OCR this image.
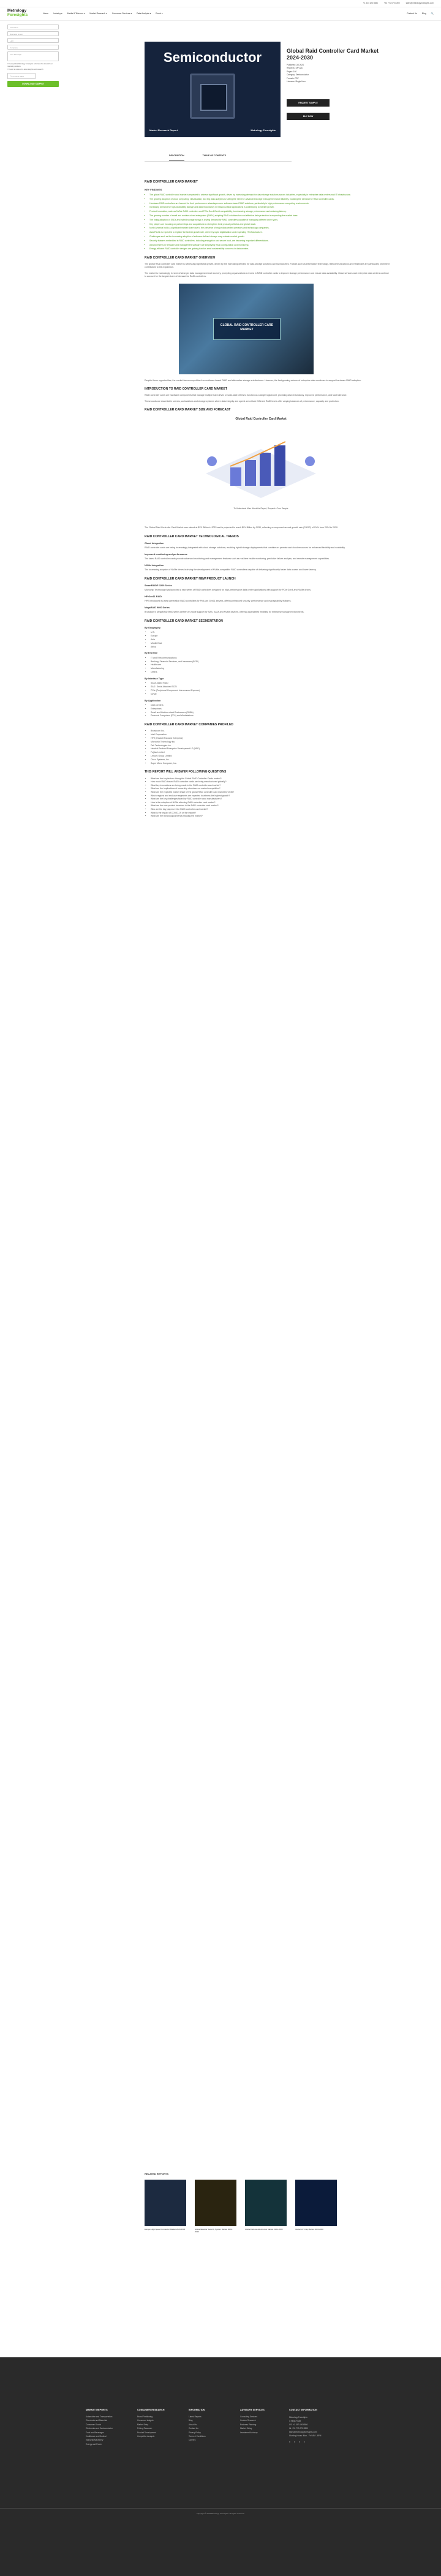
+1 347 426 6586	+91 770 070 8390	sales@metrologyforesights.com
Metrology
Foresights	Home Industry ▾ Media & Telecom ▾ Market Research ▾ Consumer Services ▾ Data Analysis ▾ Event ▾	Contact Us Blog 🔍
Full Name
Business Email
+1 ▾
Company
Your Message
☐ I accept that Metrology Foresights will share this data with our marketing partners.
☐ I want to receive the latest insights and research
☐ I'm not a robot
DOWNLOAD SAMPLE
Semiconductor
Market Research Report	Metrology Foresights
Global Raid Controller Card Market 2024-2030
Published: Jul 2024
Report ID: MF1221
Pages: 160
Category: Semiconductor
Formats: PDF
Licenses: Single User
REQUEST SAMPLE
BUY NOW
DESCRIPTION	TABLE OF CONTENTS
RAID CONTROLLER CARD MARKET
KEY FINDINGS
• The global RAID controller card market is expected to witness significant growth, driven by increasing demand for data storage solutions across industries, especially in enterprise data centers and IT infrastructure.
• The growing adoption of cloud computing, virtualization, and big data analytics is fueling the need for advanced storage management and reliability, boosting the demand for RAID controller cards.
• Hardware RAID controllers are favored for their performance advantages over software-based RAID solutions, particularly in high-performance computing environments.
• Increasing demand for high-availability storage and data redundancy in mission-critical applications is contributing to market growth.
• Product innovation, such as NVMe RAID controllers and PCIe Gen4/Gen5 compatibility, is enhancing storage performance and reducing latency.
• The growing number of small and medium-sized enterprises (SMEs) adopting RAID solutions for cost-effective data protection is expanding the market base.
• The rising adoption of SSDs and hybrid storage arrays is driving demand for RAID controllers capable of managing different drive types.
• Key players are focusing on partnerships and acquisitions to strengthen their product portfolios and global reach.
• North America holds a significant market share due to the presence of major data center operators and technology companies.
• Asia-Pacific is expected to register the fastest growth rate, driven by rapid digitalization and expanding IT infrastructure.
• Challenges such as the increasing adoption of software-defined storage may restrain market growth.
• Security features embedded in RAID controllers, including encryption and secure boot, are becoming important differentiators.
• Advancements in firmware and management software are simplifying RAID configuration and monitoring.
• Energy-efficient RAID controller designs are gaining traction amid sustainability concerns in data centers.
RAID CONTROLLER CARD MARKET OVERVIEW

The global RAID controller card market is witnessing significant growth, driven by the increasing demand for data storage solutions across industries. Factors such as information technology, telecommunications and healthcare are particularly prominent contributors to this expansion.

The market is increasingly in need of stronger data management and recovery, prompting organizations to invest in RAID controller cards to improve storage performance and ensure data availability. Cloud services and enterprise data centers continue to account for the largest share of demand for RAID controllers.

GLOBAL RAID CONTROLLER CARD MARKET

Despite these opportunities, the market faces competition from software-based RAID and alternative storage architectures. However, the fast-growing volume of enterprise data continues to support hardware RAID adoption.

INTRODUCTION TO RAID CONTROLLER CARD MARKET

RAID controller cards are hardware components that manage multiple hard drives or solid-state drives to function as a single logical unit, providing data redundancy, improved performance, and fault tolerance.

These cards are essential in servers, workstations and storage systems where data integrity and speed are critical. Different RAID levels offer varying balances of performance, capacity and protection.

RAID CONTROLLER CARD MARKET SIZE AND FORECAST
Global Raid Controller Card Market
To Understand More About the Report, Request a Free Sample

The Global Raid Controller Card Market was valued at $XX Billion in 2023 and is projected to reach $XX Billion by 2030, reflecting a compound annual growth rate (CAGR) of XX% from 2024 to 2030.

RAID CONTROLLER CARD MARKET TECHNOLOGICAL TRENDS
Cloud Integration

RAID controller cards are being increasingly integrated with cloud storage solutions, enabling hybrid storage deployments that combine on-premise and cloud resources for enhanced flexibility and scalability.

Improved monitoring and performance

The latest RAID controller cards provide advanced monitoring and management features such as real-time health monitoring, predictive failure analysis, and remote management capabilities.

NVMe Integration

The increasing adoption of NVMe drives is driving the development of NVMe-compatible RAID controllers capable of delivering significantly faster data access and lower latency.

RAID CONTROLLER CARD MARKET NEW PRODUCT LAUNCH
SmartRAID® 3200 Series

Microchip Technology has launched a new series of RAID controllers designed for high-performance data center applications with support for PCIe Gen4 and NVMe drives.

HP Gen11 RAID

HPE introduced its latest generation RAID controllers for ProLiant Gen11 servers, offering enhanced security, performance and manageability features.

MegaRAID 9600 Series

Broadcom's MegaRAID 9600 series delivers tri-mode support for SAS, SATA and NVMe devices, offering unparalleled flexibility for enterprise storage environments.

RAID CONTROLLER CARD MARKET SEGMENTATION
By Geography
• U.S.
• Europe
• Asia
• Middle East
• Africa
By End Use
• IT and Telecommunications
• Banking, Financial Services, and Insurance (BFSI)
• Healthcare
• Manufacturing
• Others
By Interface Type
• SATA-based RAID
• SAS / Serial Attached SCSI
• PCIe (Peripheral Component Interconnect Express)
• NVMe
By Application
• Data Centers
• Enterprises
• Small and Medium-sized Businesses (SMBs)
• Personal Computers (PCs) and Workstations
RAID CONTROLLER CARD MARKET COMPANIES PROFILED
• Broadcom Inc.
• Intel Corporation
• HPE (Hewlett Packard Enterprise)
• Microchip Technology Inc.
• Dell Technologies Inc.
• Hewlett-Packard Enterprise Development LP (HPE)
• Fujitsu Limited
• Lenovo Group Limited
• Cisco Systems, Inc.
• Super Micro Computer, Inc.
THIS REPORT WILL ANSWER FOLLOWING QUESTIONS
• What are the key factors driving the Global RAID Controller Cards market?
• How much RAID-based RAID controller cards are being manufactured globally?
• What key innovations are being made in the RAID controller card market?
• What are the implications of ownership structures on market competition?
• What are the expected market share of the global RAID controller card market by 2030?
• Which regions and end-user segments are expected to witness the highest growth?
• What are the key challenges faced by RAID controller card manufacturers?
• How is the adoption of NVMe affecting RAID controller card market?
• What are the new product launches in the RAID controller card market?
• Who are the key players in the RAID controller card market?
• What is the impact of COVID-19 on the market?
• What are the technological trends shaping the market?
RELATED REPORTS
Europe High-Speed Connector Market 2024-2030	Global Elevator Security System Market 2024-2030
Global Defense Electronics Market 2024-2030	Global IoT Chip Market 2024-2030
MARKET REPORTS
Automotive and Transportation
Chemicals and Materials
Consumer Goods
Electronics and Semiconductor
Food and Beverages
Healthcare and Medical
Industrial Machinery
Energy and Power
CONSUMER RESEARCH
Brand Positioning
Consumer Insights
Market Entry
Pricing Research
Product Development
Competitor Analysis
INFORMATION
Latest Reports
Blog
About Us
Contact Us
Privacy Policy
Terms & Conditions
Careers
ADVISORY SERVICES
Consulting Services
Custom Research
Business Planning
Market Sizing
Investment Advisory
CONTACT INFORMATION
Metrology Foresights
1 Kings Road
US: +1 347 426 6586
IN: +91 770 070 8390
sales@metrologyforesights.com
Working Hours: Mon - Fri 9AM - 6PM
● ● ● ●
Copyright © 2024 Metrology Foresights. All rights reserved.
